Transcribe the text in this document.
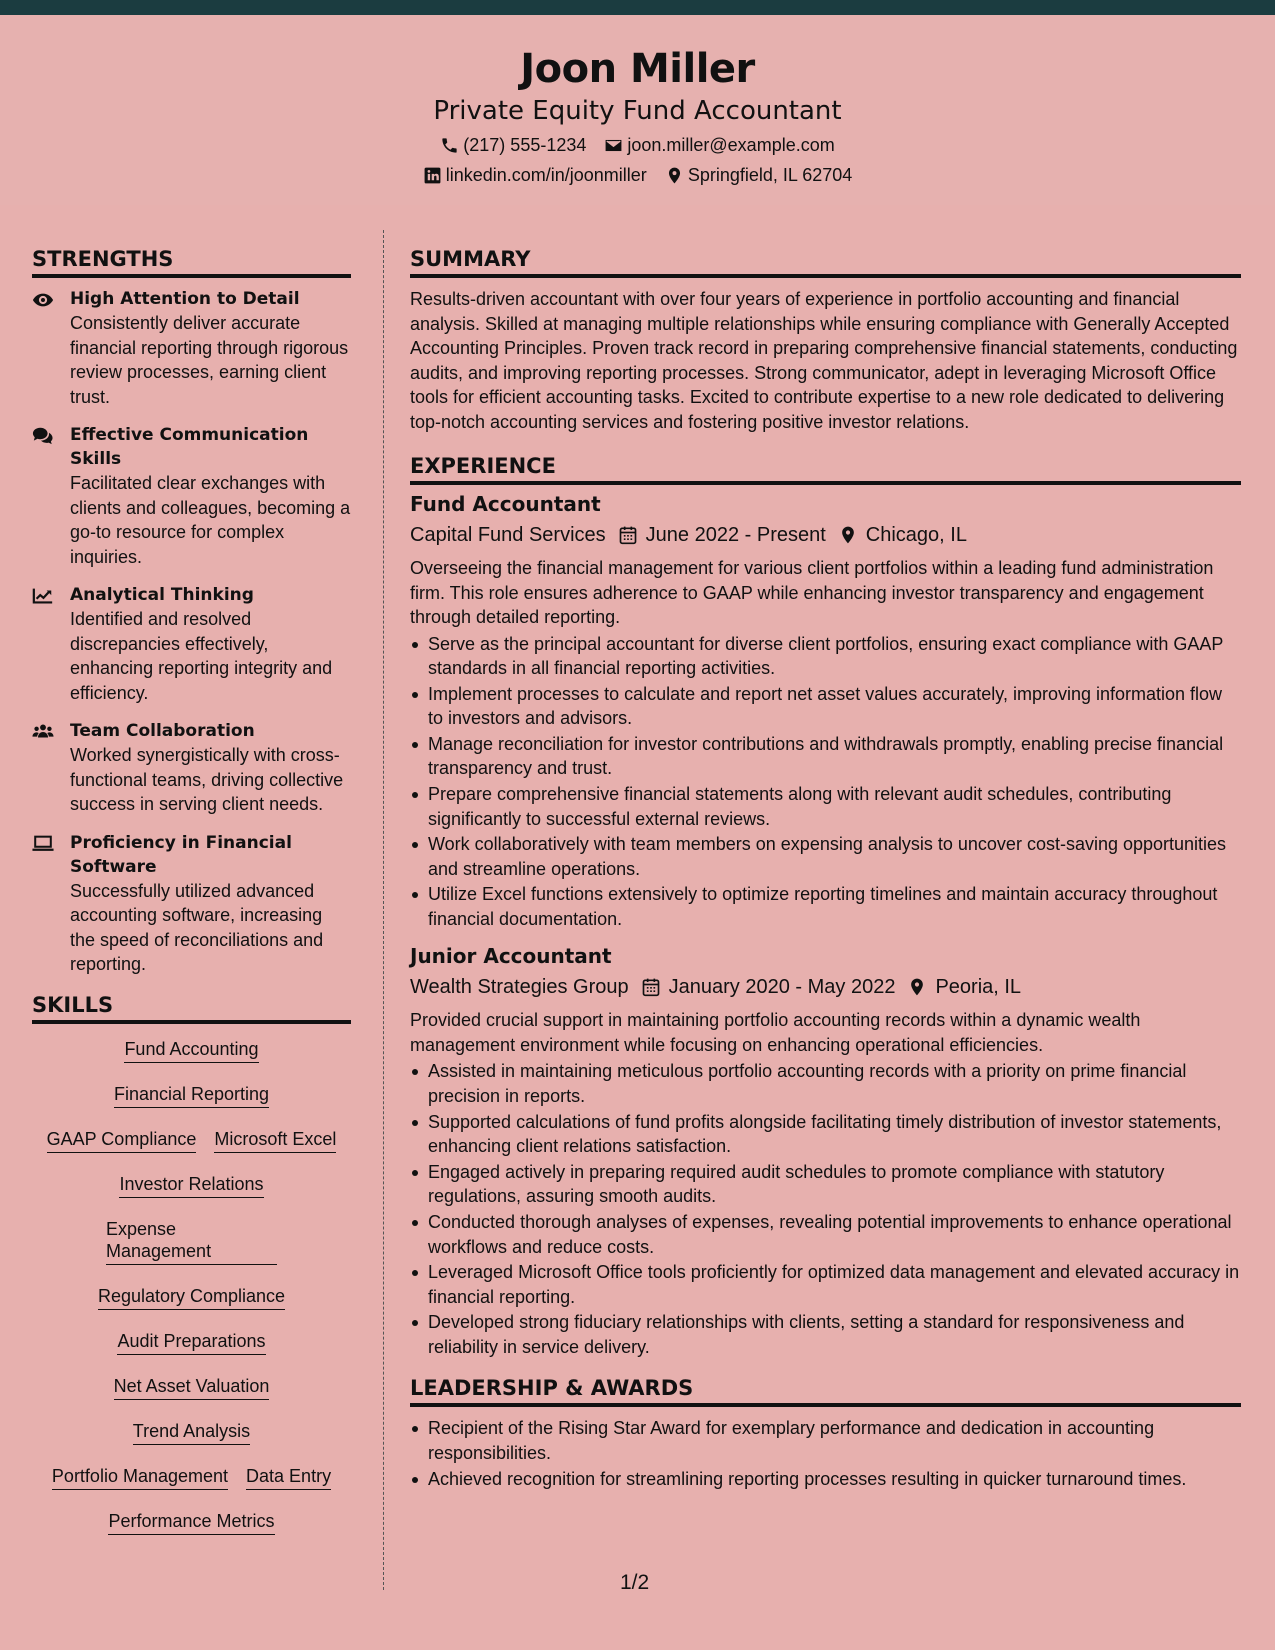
Joon Miller
Private Equity Fund Accountant
(217) 555-1234 joon.miller@example.com
linkedin.com/in/joonmiller Springfield, IL 62704
STRENGTHS
High Attention to Detail
Consistently deliver accurate financial reporting through rigorous review processes, earning client trust.
Effective Communication Skills
Facilitated clear exchanges with clients and colleagues, becoming a go-to resource for complex inquiries.
Analytical Thinking
Identified and resolved discrepancies effectively, enhancing reporting integrity and efficiency.
Team Collaboration
Worked synergistically with cross-functional teams, driving collective success in serving client needs.
Proficiency in Financial Software
Successfully utilized advanced accounting software, increasing the speed of reconciliations and reporting.
SKILLS
Fund Accounting
Financial Reporting
GAAP Compliance Microsoft Excel
Investor Relations
Expense Management
Regulatory Compliance
Audit Preparations
Net Asset Valuation
Trend Analysis
Portfolio Management Data Entry
Performance Metrics
SUMMARY
Results-driven accountant with over four years of experience in portfolio accounting and financial analysis. Skilled at managing multiple relationships while ensuring compliance with Generally Accepted Accounting Principles. Proven track record in preparing comprehensive financial statements, conducting audits, and improving reporting processes. Strong communicator, adept in leveraging Microsoft Office tools for efficient accounting tasks. Excited to contribute expertise to a new role dedicated to delivering top-notch accounting services and fostering positive investor relations.
EXPERIENCE
Fund Accountant
Capital Fund Services June 2022 - Present Chicago, IL
Overseeing the financial management for various client portfolios within a leading fund administration firm. This role ensures adherence to GAAP while enhancing investor transparency and engagement through detailed reporting.
Serve as the principal accountant for diverse client portfolios, ensuring exact compliance with GAAP standards in all financial reporting activities.
Implement processes to calculate and report net asset values accurately, improving information flow to investors and advisors.
Manage reconciliation for investor contributions and withdrawals promptly, enabling precise financial transparency and trust.
Prepare comprehensive financial statements along with relevant audit schedules, contributing significantly to successful external reviews.
Work collaboratively with team members on expensing analysis to uncover cost-saving opportunities and streamline operations.
Utilize Excel functions extensively to optimize reporting timelines and maintain accuracy throughout financial documentation.
Junior Accountant
Wealth Strategies Group January 2020 - May 2022 Peoria, IL
Provided crucial support in maintaining portfolio accounting records within a dynamic wealth management environment while focusing on enhancing operational efficiencies.
Assisted in maintaining meticulous portfolio accounting records with a priority on prime financial precision in reports.
Supported calculations of fund profits alongside facilitating timely distribution of investor statements, enhancing client relations satisfaction.
Engaged actively in preparing required audit schedules to promote compliance with statutory regulations, assuring smooth audits.
Conducted thorough analyses of expenses, revealing potential improvements to enhance operational workflows and reduce costs.
Leveraged Microsoft Office tools proficiently for optimized data management and elevated accuracy in financial reporting.
Developed strong fiduciary relationships with clients, setting a standard for responsiveness and reliability in service delivery.
LEADERSHIP & AWARDS
Recipient of the Rising Star Award for exemplary performance and dedication in accounting responsibilities.
Achieved recognition for streamlining reporting processes resulting in quicker turnaround times.
1/2
